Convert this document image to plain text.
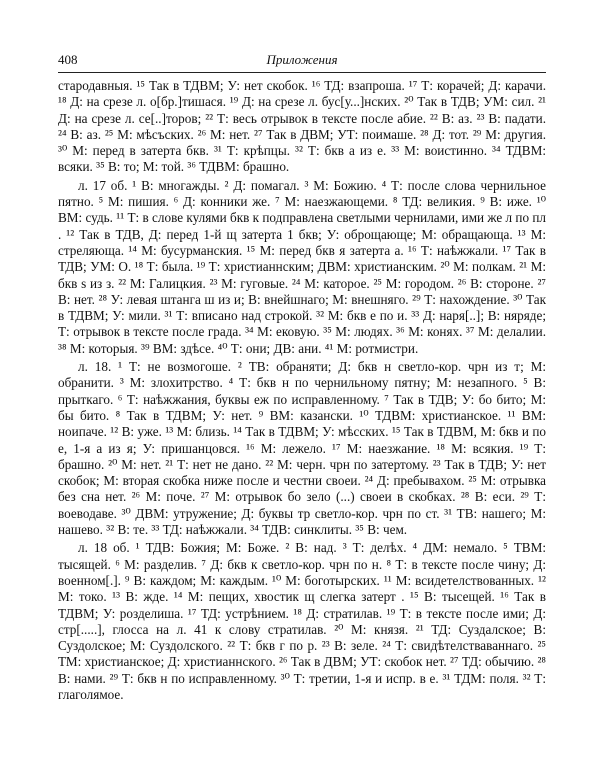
408	Приложения

стародавныя. ¹⁵ Так в ТДВМ; У: нет скобок. ¹⁶ ТД: взапроша. ¹⁷ Т: корачей; Д: карачи. ¹⁸ Д: на срезе л. о[бр.]тишася. ¹⁹ Д: на срезе л. бус[у...]нских. ²⁰ Так в ТДВ; УМ: сил. ²¹ Д: на срезе л. се[..]торов; ²² Т: весь отрывок в тексте после абие. ²² В: аз. ²³ В: падати. ²⁴ В: аз. ²⁵ М: мѣсъских. ²⁶ М: нет. ²⁷ Так в ДВМ; УТ: поимаше. ²⁸ Д: тот. ²⁹ М: другия. ³⁰ М: перед в затерта бкв. ³¹ Т: крѣпцы. ³² Т: бкв а из е. ³³ М: воистинно. ³⁴ ТДВМ: всяки. ³⁵ В: то; М: той. ³⁶ ТДВМ: брашно.

л. 17 об. ¹ В: многажды. ² Д: помагал. ³ М: Божию. ⁴ Т: после слова чернильное пятно. ⁵ М: пишия. ⁶ Д: конники же. ⁷ М: наезжающеми. ⁸ ТД: великия. ⁹ В: иже. ¹⁰ ВМ: судь. ¹¹ Т: в слове кулями бкв к подправлена светлыми чернилами, ими же л по пл . ¹² Так в ТДВ, Д: перед 1-й щ затерта 1 бкв; У: оброщающе; М: обращающа. ¹³ М: стреляюща. ¹⁴ М: бусурманския. ¹⁵ М: перед бкв я затерта а. ¹⁶ Т: наѣжжали. ¹⁷ Так в ТДВ; УМ: О. ¹⁸ Т: была. ¹⁹ Т: христианнским; ДВМ: христианским. ²⁰ М: полкам. ²¹ М: бкв ѕ из з. ²² М: Галицкия. ²³ М: гуговые. ²⁴ М: каторое. ²⁵ М: городом. ²⁶ В: стороне. ²⁷ В: нет. ²⁸ У: левая штанга ш из и; В: внейшнаго; М: внешняго. ²⁹ Т: нахождение. ³⁰ Так в ТДВМ; У: мили. ³¹ Т: вписано над строкой. ³² М: бкв е по и. ³³ Д: наря[..]; В: няряде; Т: отрывок в тексте после града. ³⁴ М: ековую. ³⁵ М: людях. ³⁶ М: конях. ³⁷ М: делалии. ³⁸ М: которыя. ³⁹ ВМ: здѣсе. ⁴⁰ Т: они; ДВ: ани. ⁴¹ М: ротмистри.

л. 18. ¹ Т: не возмогоше. ² ТВ: обраняти; Д: бкв н светло-кор. чрн из т; М: обранити. ³ М: злохитрство. ⁴ Т: бкв н по чернильному пятну; М: незапного. ⁵ В: прыткаго. ⁶ Т: наѣжжания, буквы еж по исправленному. ⁷ Так в ТДВ; У: бо бито; М: бы бито. ⁸ Так в ТДВМ; У: нет. ⁹ ВМ: казански. ¹⁰ ТДВМ: христианское. ¹¹ ВМ: ноипаче. ¹² В: уже. ¹³ М: близь. ¹⁴ Так в ТДВМ; У: мѣсских. ¹⁵ Так в ТДВМ, М: бкв и по е, 1-я а из я; У: пришанцовся. ¹⁶ М: лежело. ¹⁷ М: наезжание. ¹⁸ М: всякия. ¹⁹ Т: брашно. ²⁰ М: нет. ²¹ Т: нет не дано. ²² М: черн. чрн по затертому. ²³ Так в ТДВ; У: нет скобок; М: вторая скобка ниже после и честни своеи. ²⁴ Д: пребывахом. ²⁵ М: отрывка без сна нет. ²⁶ М: поче. ²⁷ М: отрывок бо зело (...) своеи в скобках. ²⁸ В: еси. ²⁹ Т: воеводаве. ³⁰ ДВМ: утружение; Д: буквы тр светло-кор. чрн по ст. ³¹ ТВ: нашего; М: нашево. ³² В: те. ³³ ТД: наѣжжали. ³⁴ ТДВ: синклиты. ³⁵ В: чем.

л. 18 об. ¹ ТДВ: Божия; М: Боже. ² В: над. ³ Т: делѣх. ⁴ ДМ: немало. ⁵ ТВМ: тысящей. ⁶ М: разделив. ⁷ Д: бкв к светло-кор. чрн по н. ⁸ Т: в тексте после чину; Д: военном[.]. ⁹ В: каждом; М: каждым. ¹⁰ М: боготырских. ¹¹ М: всидетелствованных. ¹² М: токо. ¹³ В: жде. ¹⁴ М: пещих, хвостик щ слегка затерт . ¹⁵ В: тысещей. ¹⁶ Так в ТДВМ; У: розделиша. ¹⁷ ТД: устрѣнием. ¹⁸ Д: стратилав. ¹⁹ Т: в тексте после ими; Д: стр[.....], глосса на л. 41 к слову стратилав. ²⁰ М: князя. ²¹ ТД: Суздалское; В: Суздолское; М: Суздолского. ²² Т: бкв г по р. ²³ В: зеле. ²⁴ Т: свидѣтелстваваннаго. ²⁵ ТМ: христианское; Д: христианнского. ²⁶ Так в ДВМ; УТ: скобок нет. ²⁷ ТД: обычию. ²⁸ В: нами. ²⁹ Т: бкв н по исправленному. ³⁰ Т: третии, 1-я и испр. в е. ³¹ ТДМ: поля. ³² Т: глаголямое.
